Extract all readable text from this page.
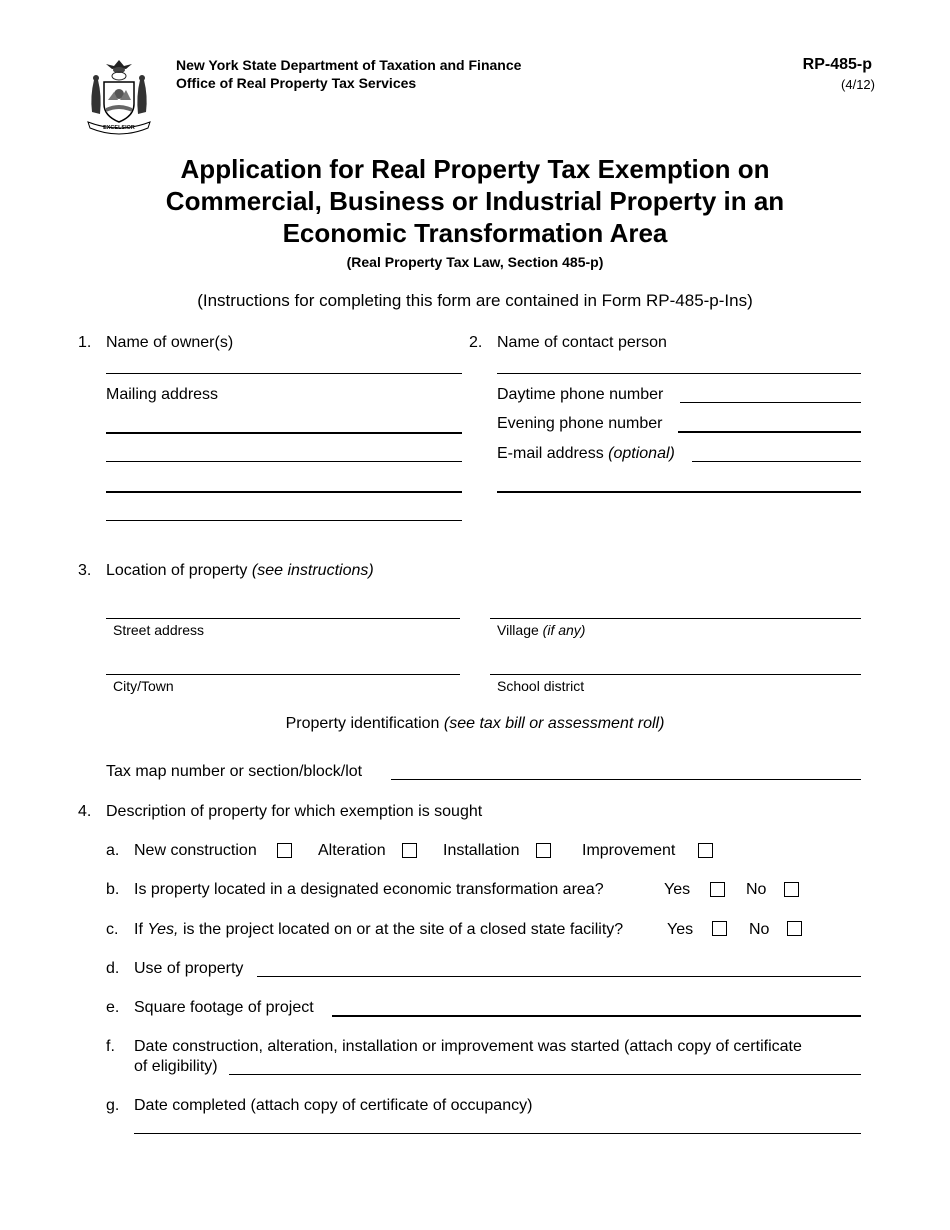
EXCELSIOR
New York State Department of Taxation and Finance
Office of Real Property Tax Services
RP-485-p
(4/12)
Application for Real Property Tax Exemption on
Commercial, Business or Industrial Property in an
Economic Transformation Area
(Real Property Tax Law, Section 485-p)
(Instructions for completing this form are contained in Form RP-485-p-Ins)
1. Name of owner(s)
Mailing address
2. Name of contact person
Daytime phone number
Evening phone number
E-mail address (optional)
3. Location of property (see instructions)
Street address	Village (if any)
City/Town	School district
Property identification (see tax bill or assessment roll)
Tax map number or section/block/lot
4. Description of property for which exemption is sought
a. New construction	Alteration	Installation	Improvement
b. Is property located in a designated economic transformation area?	Yes	No
c. If Yes, is the project located on or at the site of a closed state facility?	Yes	No
d. Use of property
e. Square footage of project
f. Date construction, alteration, installation or improvement was started (attach copy of certificate
of eligibility)
g. Date completed (attach copy of certificate of occupancy)
